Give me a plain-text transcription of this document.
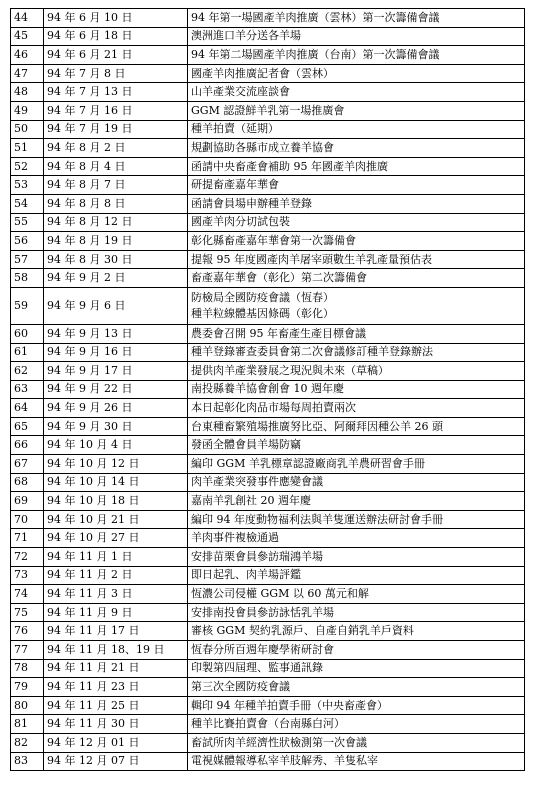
44	94 年 6 月 10 日	94 年第一場國產羊肉推廣（雲林）第一次籌備會議

45	94 年 6 月 18 日	澳洲進口羊分送各羊場

46	94 年 6 月 21 日	94 年第二場國產羊肉推廣（台南）第一次籌備會議

47	94 年 7 月 8 日	國產羊肉推廣記者會（雲林）

48	94 年 7 月 13 日	山羊產業交流座談會

49	94 年 7 月 16 日	GGM 認證鮮羊乳第一場推廣會

50	94 年 7 月 19 日	種羊拍賣（延期）

51	94 年 8 月 2 日	規劃協助各縣市成立養羊協會

52	94 年 8 月 4 日	函請中央畜產會補助 95 年國產羊肉推廣

53	94 年 8 月 7 日	研提畜產嘉年華會

54	94 年 8 月 8 日	函請會員場申辦種羊登錄

55	94 年 8 月 12 日	國產羊肉分切試包裝

56	94 年 8 月 19 日	彰化縣畜產嘉年華會第一次籌備會

57	94 年 8 月 30 日	提報 95 年度國產肉羊屠宰頭數生羊乳產量預估表

58	94 年 9 月 2 日	畜產嘉年華會（彰化）第二次籌備會

59	94 年 9 月 6 日	防檢局全國防疫會議（恆春）
種羊粒線體基因條碼（彰化）

60	94 年 9 月 13 日	農委會召開 95 年畜產生產目標會議

61	94 年 9 月 16 日	種羊登錄審查委員會第二次會議修訂種羊登錄辦法

62	94 年 9 月 17 日	提供肉羊產業發展之現況與未來（草稿）

63	94 年 9 月 22 日	南投縣養羊協會創會 10 週年慶

64	94 年 9 月 26 日	本日起彰化肉品市場每周拍賣兩次

65	94 年 9 月 30 日	台東種畜繁殖場推廣努比亞、阿爾拜因種公羊 26 頭

66	94 年 10 月 4 日	發函全體會員羊場防竊

67	94 年 10 月 12 日	編印 GGM 羊乳標章認證廠商乳羊農研習會手冊

68	94 年 10 月 14 日	肉羊產業突發事件應變會議

69	94 年 10 月 18 日	嘉南羊乳創社 20 週年慶

70	94 年 10 月 21 日	編印 94 年度動物福利法與羊隻運送辦法研討會手冊

71	94 年 10 月 27 日	羊肉事件複檢通過

72	94 年 11 月 1 日	安排苗栗會員參訪瑞鴻羊場

73	94 年 11 月 2 日	即日起乳、肉羊場評鑑

74	94 年 11 月 3 日	恆濃公司侵權 GGM 以 60 萬元和解

75	94 年 11 月 9 日	安排南投會員參訪詠恬乳羊場

76	94 年 11 月 17 日	審核 GGM 契約乳源戶、自產自銷乳羊戶資料

77	94 年 11 月 18、19 日	恆春分所百週年慶學術研討會

78	94 年 11 月 21 日	印製第四屆理、監事通訊錄

79	94 年 11 月 23 日	第三次全國防疫會議

80	94 年 11 月 25 日	輯印 94 年種羊拍賣手冊（中央畜產會）

81	94 年 11 月 30 日	種羊比賽拍賣會（台南縣白河）

82	94 年 12 月 01 日	畜試所肉羊經濟性狀檢測第一次會議

83	94 年 12 月 07 日	電視媒體報導私宰羊肢解秀、羊隻私宰
